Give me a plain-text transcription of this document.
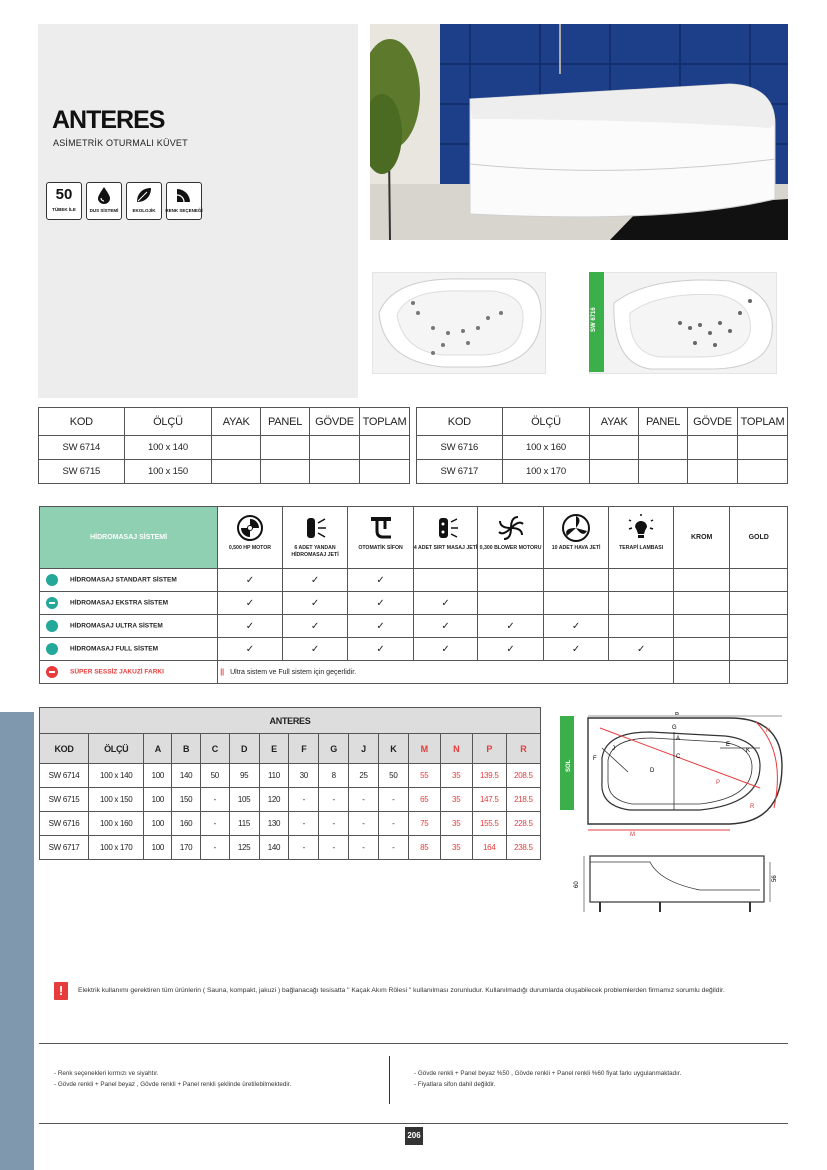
ANTERES
ASİMETRİK OTURMALI KÜVET
50
TÜBEK İLE	DUS SİSTEMİ	EKOLOJİK RENK SEÇENEĞİ
SW 6716
KOD	ÖLÇÜ	AYAK	PANEL	GÖVDE	TOPLAM
SW 6714	100 x 140				
SW 6715	100 x 150				
KOD	ÖLÇÜ	AYAK	PANEL	GÖVDE	TOPLAM
SW 6716	100 x 160				
SW 6717	100 x 170				
HİDROMASAJ SİSTEMİ	0,500 HP MOTOR	6 ADET YANDAN HİDROMASAJ JETİ	OTOMATİK SİFON	4 ADET SIRT MASAJ JETİ	0,300 BLOWER MOTORU	10 ADET HAVA JETİ	TERAPİ LAMBASI	KROM	GOLD
HİDROMASAJ STANDART SİSTEM	✓	✓	✓						
HİDROMASAJ EKSTRA SİSTEM	✓	✓	✓	✓					
HİDROMASAJ ULTRA SİSTEM	✓	✓	✓	✓	✓	✓			
HİDROMASAJ FULL SİSTEM	✓	✓	✓	✓	✓	✓	✓		
SÜPER SESSİZ JAKUZİ FARKI	|| Ultra sistem ve Full sistem için geçerlidir.								
ANTERES														
KOD	ÖLÇÜ	A	B	C	D	E	F	G	J	K	M	N	P	R
SW 6714	100 x 140	100	140	50	95	110	30	8	25	50	55	35	139.5	208.5
SW 6715	100 x 150	100	150	-	105	120	-	-	-	-	65	35	147.5	218.5
SW 6716	100 x 160	100	160	-	115	130	-	-	-	-	75	35	155.5	228.5
SW 6717	100 x 170	100	170	-	125	140	-	-	-	-	85	35	164	238.5
SOL
B
G
A
C
D
E
K
F
J
M
N
P
R
60
56
!	Elektrik kullanımı gerektiren tüm ürünlerin ( Sauna, kompakt, jakuzi ) bağlanacağı tesisatta " Kaçak Akım Rölesi " kullanılması zorunludur. Kullanılmadığı durumlarda oluşabilecek problemlerden firmamız sorumlu değildir.
- Renk seçenekleri kırmızı ve siyahtır.
- Gövde renkli + Panel beyaz , Gövde renkli + Panel renkli şeklinde üretilebilmektedir.
- Gövde renkli + Panel beyaz %50 , Gövde renkli + Panel renkli %60 fiyat farkı uygulanmaktadır.
- Fiyatlara sifon dahil değildir.
206
